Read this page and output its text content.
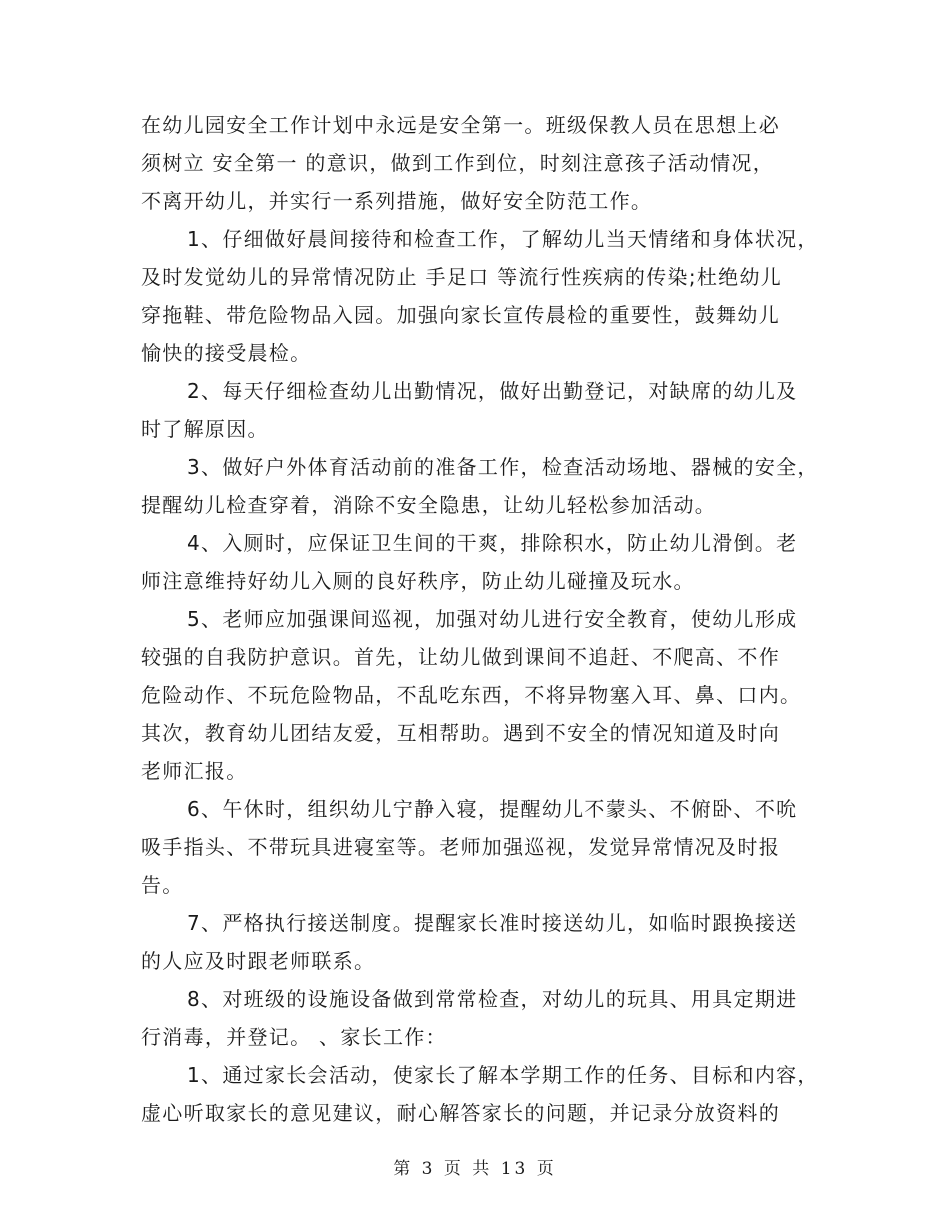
在幼儿园安全工作计划中永远是安全第一。班级保教人员在思想上必
须树立 安全第一 的意识，做到工作到位，时刻注意孩子活动情况，
不离开幼儿，并实行一系列措施，做好安全防范工作。
1、仔细做好晨间接待和检查工作，了解幼儿当天情绪和身体状况，
及时发觉幼儿的异常情况防止 手足口 等流行性疾病的传染;杜绝幼儿
穿拖鞋、带危险物品入园。加强向家长宣传晨检的重要性，鼓舞幼儿
愉快的接受晨检。
2、每天仔细检查幼儿出勤情况，做好出勤登记，对缺席的幼儿及
时了解原因。
3、做好户外体育活动前的准备工作，检查活动场地、器械的安全，
提醒幼儿检查穿着，消除不安全隐患，让幼儿轻松参加活动。
4、入厕时，应保证卫生间的干爽，排除积水，防止幼儿滑倒。老
师注意维持好幼儿入厕的良好秩序，防止幼儿碰撞及玩水。
5、老师应加强课间巡视，加强对幼儿进行安全教育，使幼儿形成
较强的自我防护意识。首先，让幼儿做到课间不追赶、不爬高、不作
危险动作、不玩危险物品，不乱吃东西，不将异物塞入耳、鼻、口内。
其次，教育幼儿团结友爱，互相帮助。遇到不安全的情况知道及时向
老师汇报。
6、午休时，组织幼儿宁静入寝，提醒幼儿不蒙头、不俯卧、不吮
吸手指头、不带玩具进寝室等。老师加强巡视，发觉异常情况及时报
告。
7、严格执行接送制度。提醒家长准时接送幼儿，如临时跟换接送
的人应及时跟老师联系。
8、对班级的设施设备做到常常检查，对幼儿的玩具、用具定期进
行消毒，并登记。 、家长工作：
1、通过家长会活动，使家长了解本学期工作的任务、目标和内容，
虚心听取家长的意见建议，耐心解答家长的问题，并记录分放资料的
第 3 页 共 13 页
